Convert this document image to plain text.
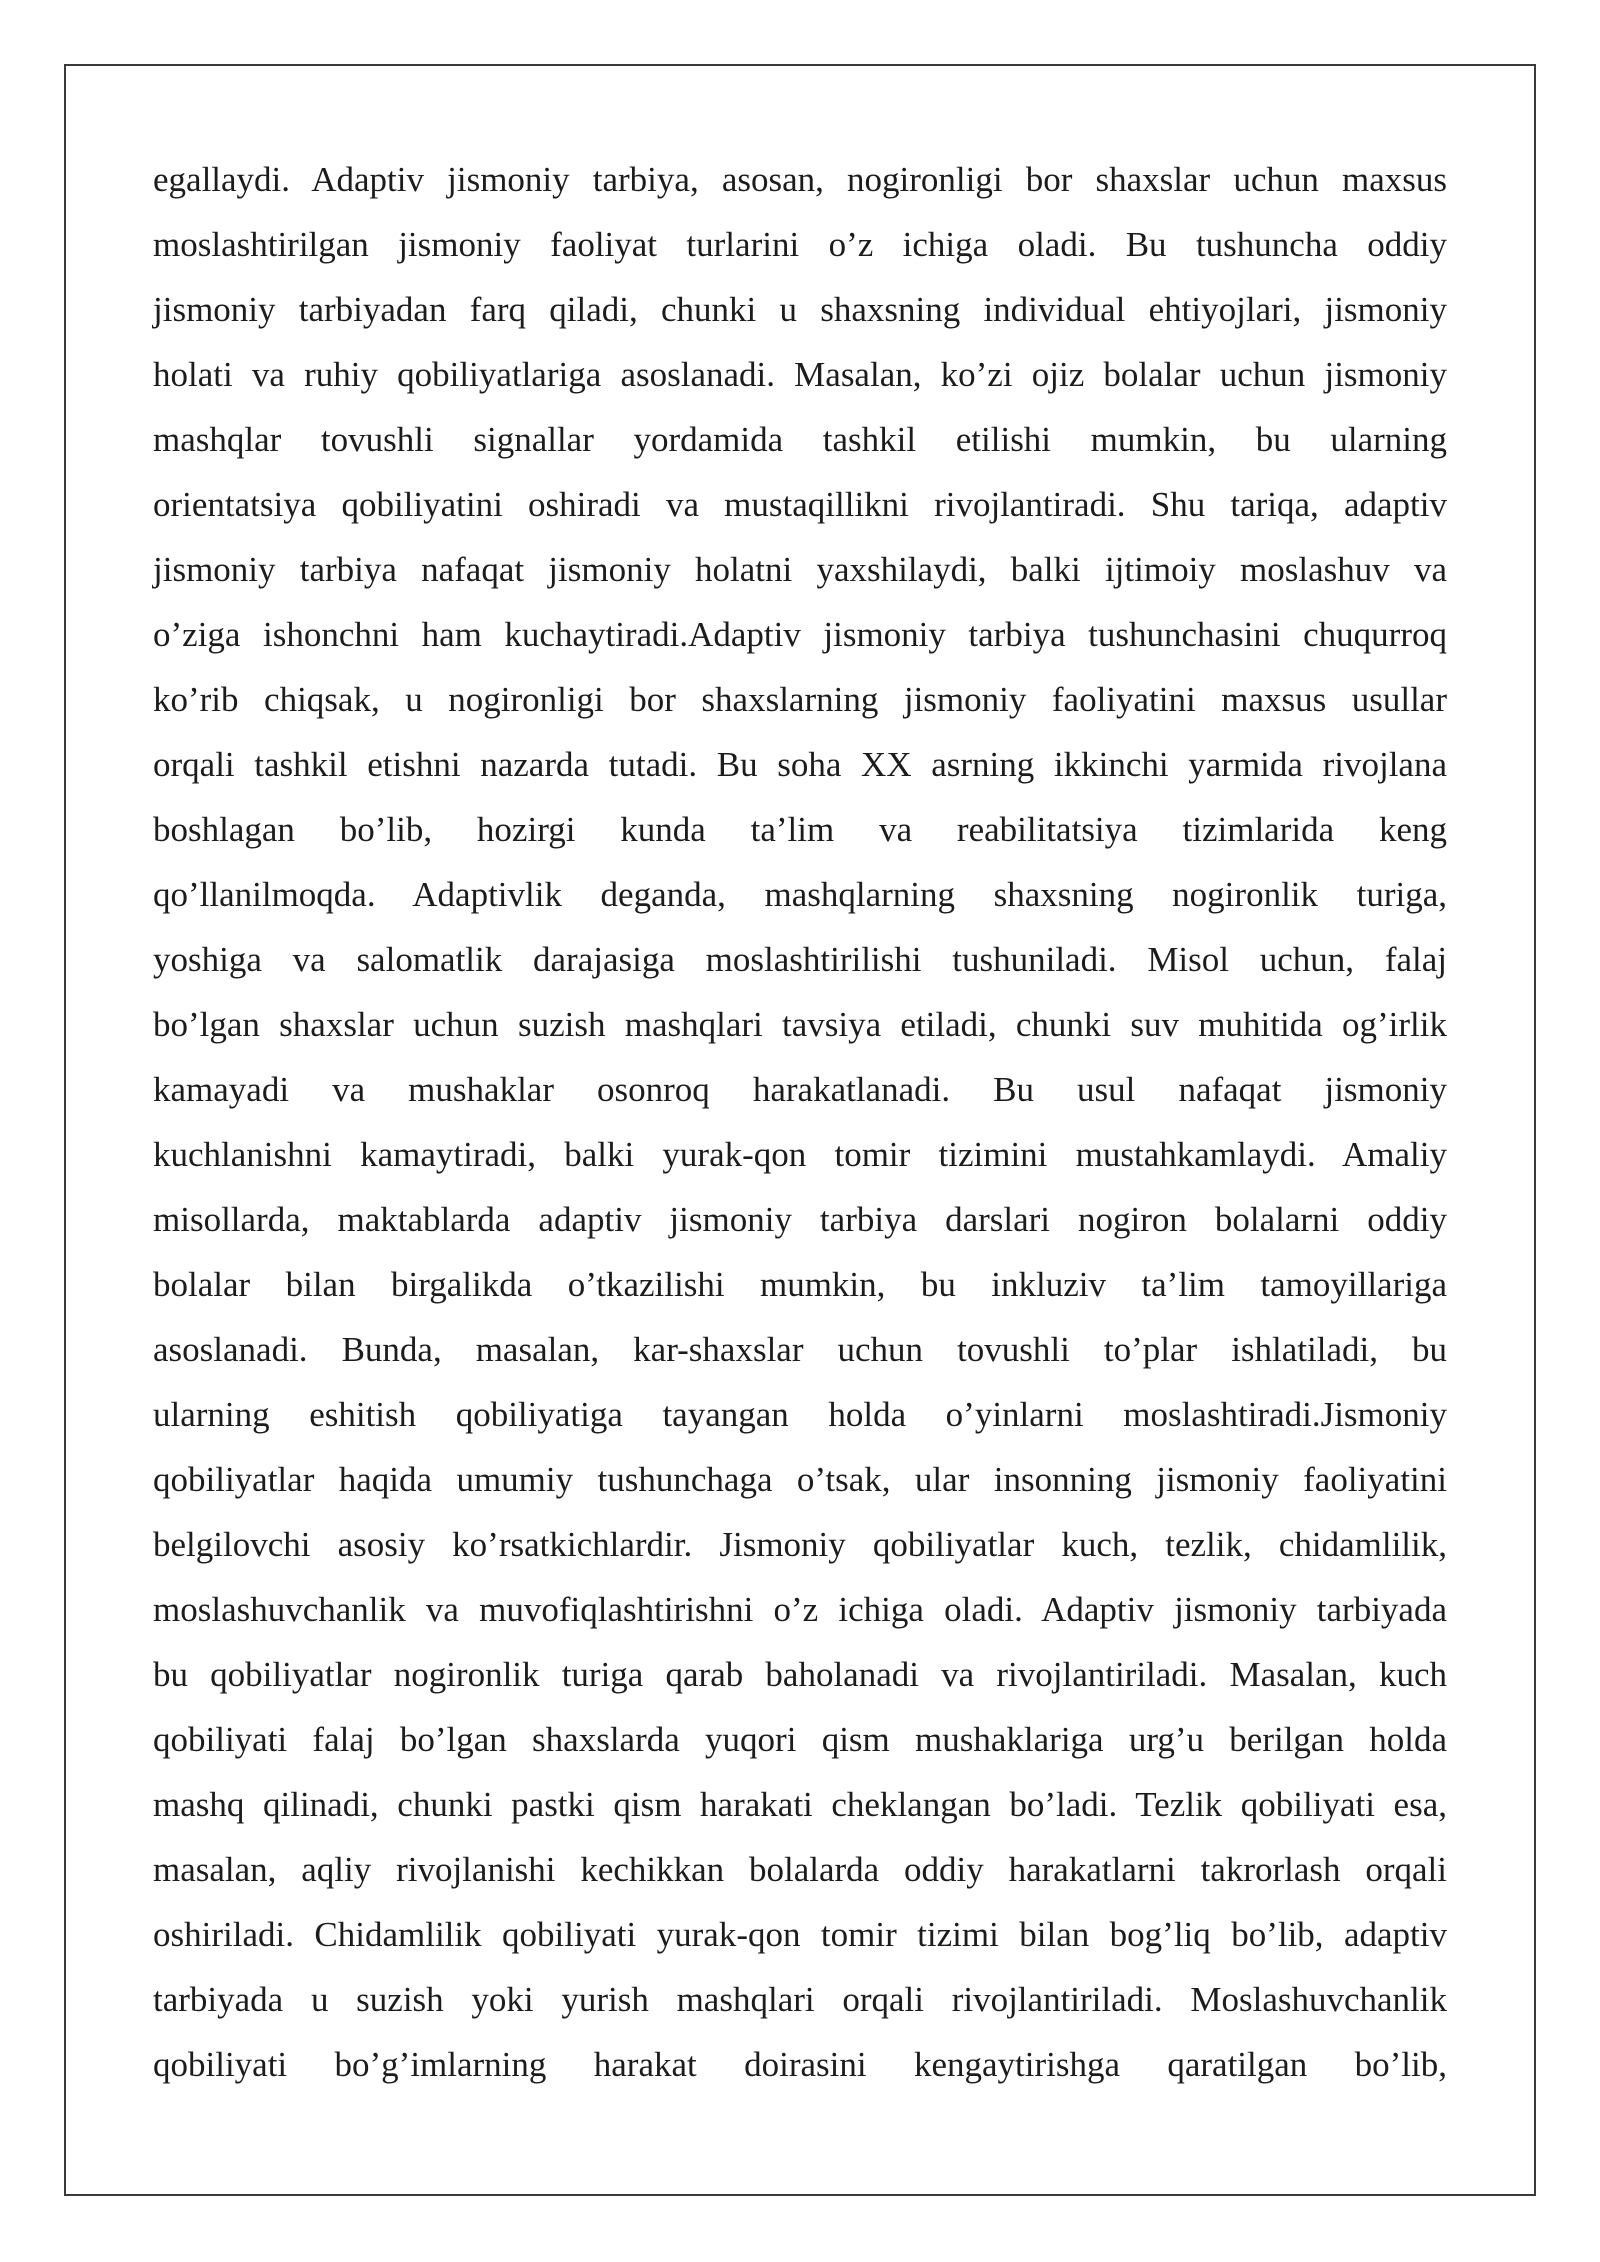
egallaydi. Adaptiv jismoniy tarbiya, asosan, nogironligi bor shaxslar uchun maxsus
moslashtirilgan jismoniy faoliyat turlarini o’z ichiga oladi. Bu tushuncha oddiy
jismoniy tarbiyadan farq qiladi, chunki u shaxsning individual ehtiyojlari, jismoniy
holati va ruhiy qobiliyatlariga asoslanadi. Masalan, ko’zi ojiz bolalar uchun jismoniy
mashqlar tovushli signallar yordamida tashkil etilishi mumkin, bu ularning
orientatsiya qobiliyatini oshiradi va mustaqillikni rivojlantiradi. Shu tariqa, adaptiv
jismoniy tarbiya nafaqat jismoniy holatni yaxshilaydi, balki ijtimoiy moslashuv va
o’ziga ishonchni ham kuchaytiradi.Adaptiv jismoniy tarbiya tushunchasini chuqurroq
ko’rib chiqsak, u nogironligi bor shaxslarning jismoniy faoliyatini maxsus usullar
orqali tashkil etishni nazarda tutadi. Bu soha XX asrning ikkinchi yarmida rivojlana
boshlagan bo’lib, hozirgi kunda ta’lim va reabilitatsiya tizimlarida keng
qo’llanilmoqda. Adaptivlik deganda, mashqlarning shaxsning nogironlik turiga,
yoshiga va salomatlik darajasiga moslashtirilishi tushuniladi. Misol uchun, falaj
bo’lgan shaxslar uchun suzish mashqlari tavsiya etiladi, chunki suv muhitida og’irlik
kamayadi va mushaklar osonroq harakatlanadi. Bu usul nafaqat jismoniy
kuchlanishni kamaytiradi, balki yurak-qon tomir tizimini mustahkamlaydi. Amaliy
misollarda, maktablarda adaptiv jismoniy tarbiya darslari nogiron bolalarni oddiy
bolalar bilan birgalikda o’tkazilishi mumkin, bu inkluziv ta’lim tamoyillariga
asoslanadi. Bunda, masalan, kar-shaxslar uchun tovushli to’plar ishlatiladi, bu
ularning eshitish qobiliyatiga tayangan holda o’yinlarni moslashtiradi.Jismoniy
qobiliyatlar haqida umumiy tushunchaga o’tsak, ular insonning jismoniy faoliyatini
belgilovchi asosiy ko’rsatkichlardir. Jismoniy qobiliyatlar kuch, tezlik, chidamlilik,
moslashuvchanlik va muvofiqlashtirishni o’z ichiga oladi. Adaptiv jismoniy tarbiyada
bu qobiliyatlar nogironlik turiga qarab baholanadi va rivojlantiriladi. Masalan, kuch
qobiliyati falaj bo’lgan shaxslarda yuqori qism mushaklariga urg’u berilgan holda
mashq qilinadi, chunki pastki qism harakati cheklangan bo’ladi. Tezlik qobiliyati esa,
masalan, aqliy rivojlanishi kechikkan bolalarda oddiy harakatlarni takrorlash orqali
oshiriladi. Chidamlilik qobiliyati yurak-qon tomir tizimi bilan bog’liq bo’lib, adaptiv
tarbiyada u suzish yoki yurish mashqlari orqali rivojlantiriladi. Moslashuvchanlik
qobiliyati bo’g’imlarning harakat doirasini kengaytirishga qaratilgan bo’lib,
